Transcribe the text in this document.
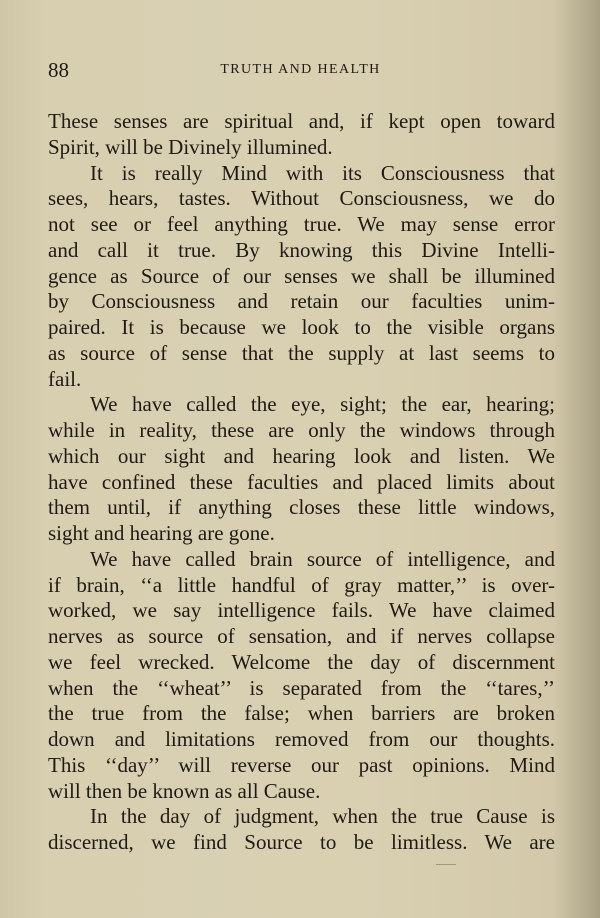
88	TRUTH AND HEALTH
These senses are spiritual and, if kept open toward
Spirit, will be Divinely illumined.
It is really Mind with its Consciousness that
sees, hears, tastes. Without Consciousness, we do
not see or feel anything true. We may sense error
and call it true. By knowing this Divine Intelli-
gence as Source of our senses we shall be illumined
by Consciousness and retain our faculties unim-
paired. It is because we look to the visible organs
as source of sense that the supply at last seems to
fail.
We have called the eye, sight; the ear, hearing;
while in reality, these are only the windows through
which our sight and hearing look and listen. We
have confined these faculties and placed limits about
them until, if anything closes these little windows,
sight and hearing are gone.
We have called brain source of intelligence, and
if brain, ‘‘a little handful of gray matter,’’ is over-
worked, we say intelligence fails. We have claimed
nerves as source of sensation, and if nerves collapse
we feel wrecked. Welcome the day of discernment
when the ‘‘wheat’’ is separated from the ‘‘tares,’’
the true from the false; when barriers are broken
down and limitations removed from our thoughts.
This ‘‘day’’ will reverse our past opinions. Mind
will then be known as all Cause.
In the day of judgment, when the true Cause is
discerned, we find Source to be limitless. We are
